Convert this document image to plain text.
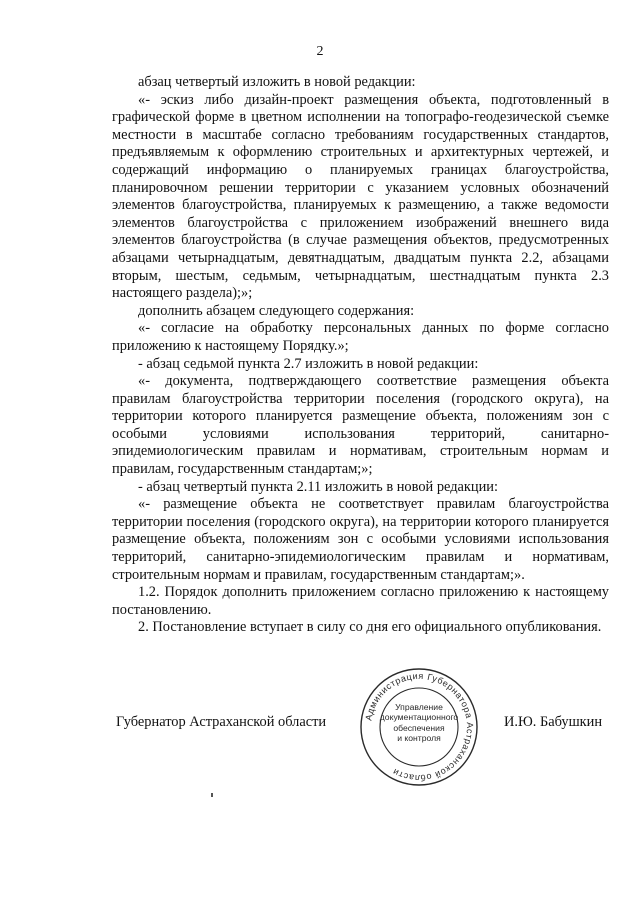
2

абзац четвертый изложить в новой редакции:

«- эскиз либо дизайн-проект размещения объекта, подготовленный в графической форме в цветном исполнении на топографо-геодезической съемке местности в масштабе согласно требованиям государственных стандартов, предъявляемым к оформлению строительных и архитектурных чертежей, и содержащий информацию о планируемых границах благоустройства, планировочном решении территории с указанием условных обозначений элементов благоустройства, планируемых к размещению, а также ведомости элементов благоустройства с приложением изображений внешнего вида элементов благоустройства (в случае размещения объектов, предусмотренных абзацами четырнадцатым, девятнадцатым, двадцатым пункта 2.2, абзацами вторым, шестым, седьмым, четырнадцатым, шестнадцатым пункта 2.3 настоящего раздела);»;

дополнить абзацем следующего содержания:

«- согласие на обработку персональных данных по форме согласно приложению к настоящему Порядку.»;

- абзац седьмой пункта 2.7 изложить в новой редакции:

«- документа, подтверждающего соответствие размещения объекта правилам благоустройства территории поселения (городского округа), на территории которого планируется размещение объекта, положениям зон с особыми условиями использования территорий, санитарно-эпидемиологическим правилам и нормативам, строительным нормам и правилам, государственным стандартам;»;

- абзац четвертый пункта 2.11 изложить в новой редакции:

«- размещение объекта не соответствует правилам благоустройства территории поселения (городского округа), на территории которого планируется размещение объекта, положениям зон с особыми условиями использования территорий, санитарно-эпидемиологическим правилам и нормативам, строительным нормам и правилам, государственным стандартам;».

1.2. Порядок дополнить приложением согласно приложению к настоящему постановлению.

2. Постановление вступает в силу со дня его официального опубликования.

Губернатор Астраханской области	И.Ю. Бабушкин
Администрация Губернатора Астраханской области
Управление
документационного
обеспечения
и контроля
